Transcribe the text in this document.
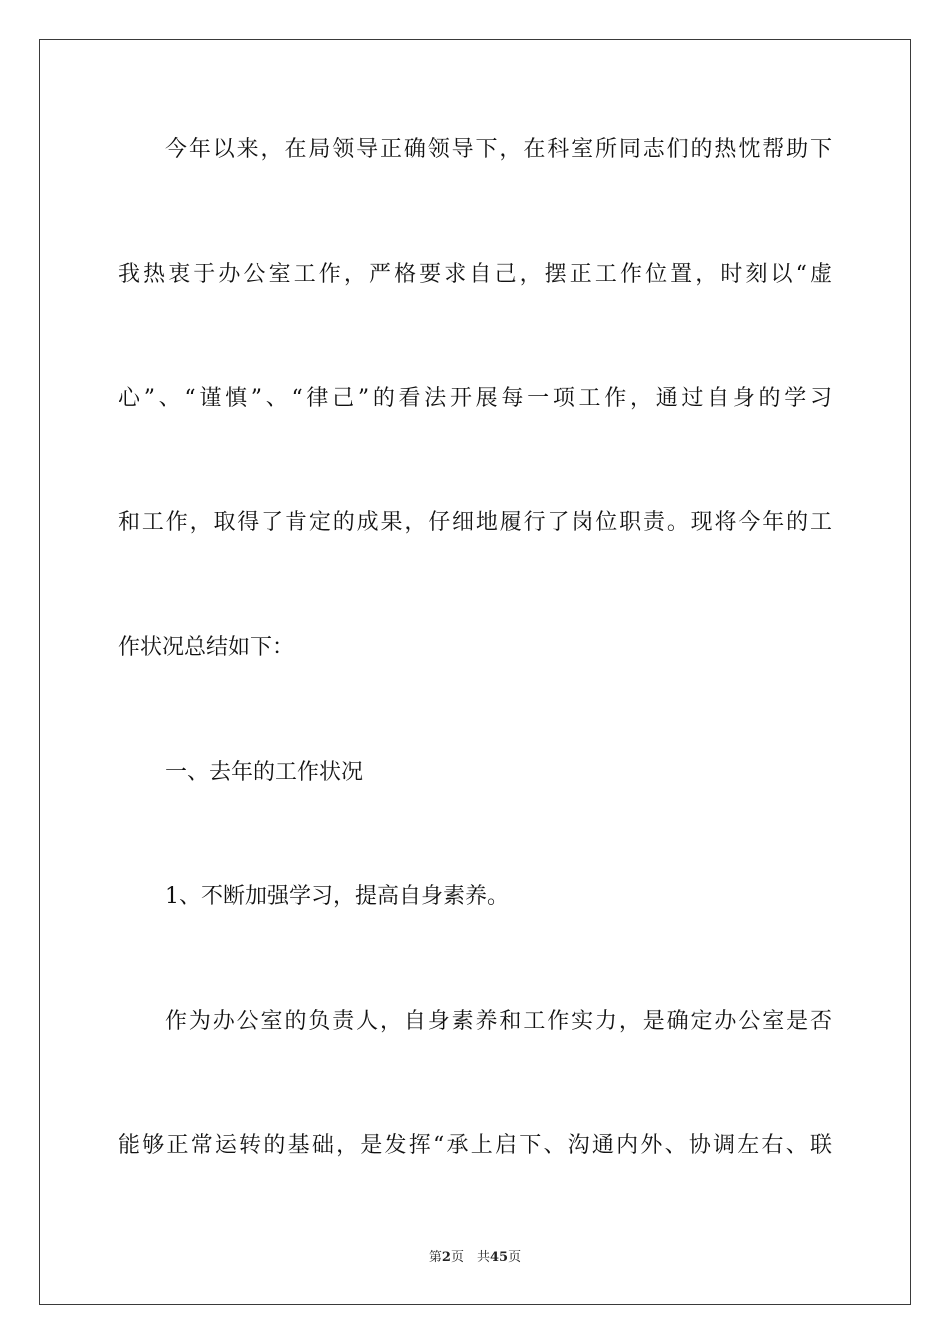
今年以来，在局领导正确领导下，在科室所同志们的热忱帮助下
我热衷于办公室工作，严格要求自己，摆正工作位置，时刻以“虚
心”、“谨慎”、“律己”的看法开展每一项工作，通过自身的学习
和工作，取得了肯定的成果，仔细地履行了岗位职责。现将今年的工
作状况总结如下：
一、去年的工作状况
1、不断加强学习，提高自身素养。
作为办公室的负责人，自身素养和工作实力，是确定办公室是否
能够正常运转的基础，是发挥“承上启下、沟通内外、协调左右、联
第2页　共45页
